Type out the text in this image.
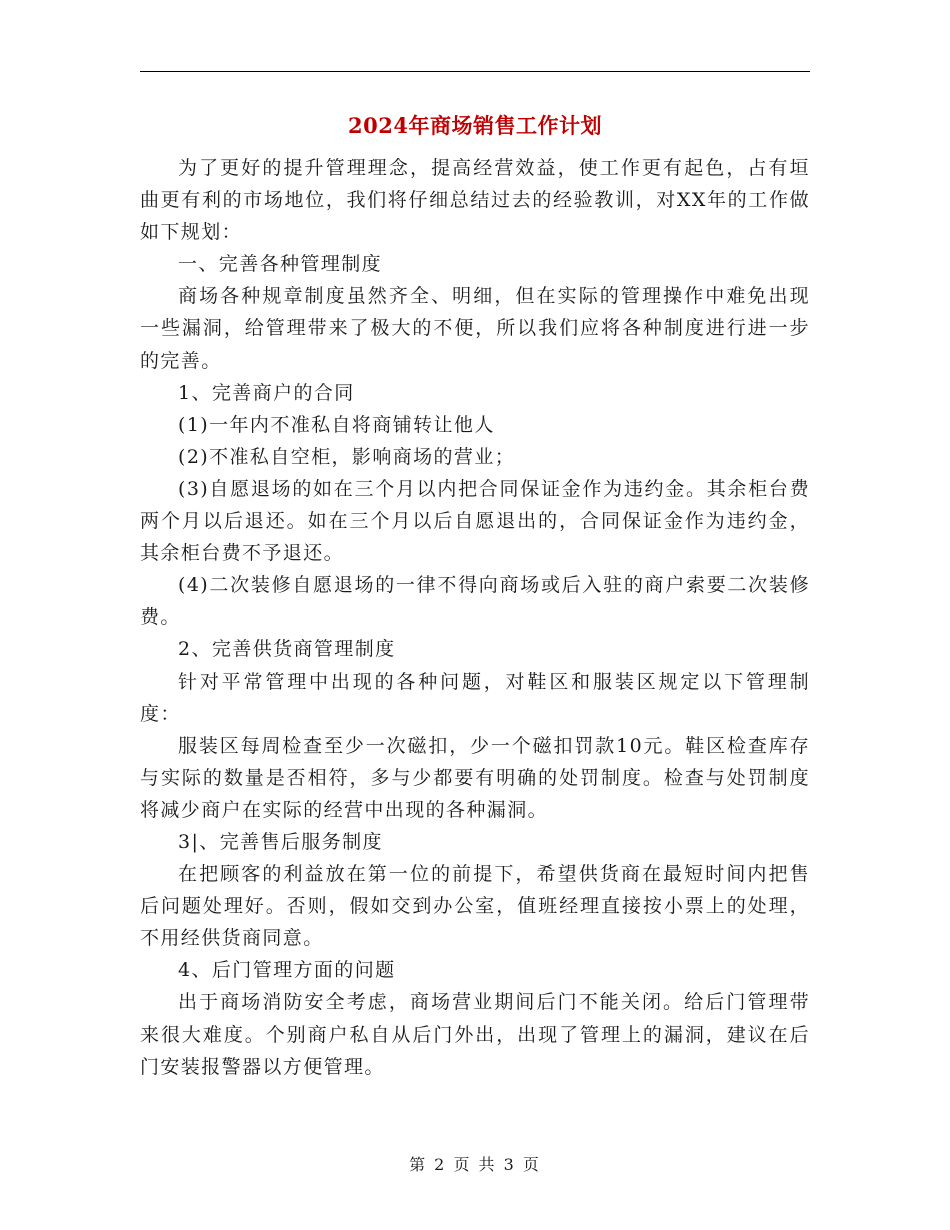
2024年商场销售工作计划

为了更好的提升管理理念，提高经营效益，使工作更有起色，占有垣曲更有利的市场地位，我们将仔细总结过去的经验教训，对XX年的工作做如下规划：

一、完善各种管理制度

商场各种规章制度虽然齐全、明细，但在实际的管理操作中难免出现一些漏洞，给管理带来了极大的不便，所以我们应将各种制度进行进一步的完善。

1、完善商户的合同

(1)一年内不准私自将商铺转让他人

(2)不准私自空柜，影响商场的营业；

(3)自愿退场的如在三个月以内把合同保证金作为违约金。其余柜台费两个月以后退还。如在三个月以后自愿退出的，合同保证金作为违约金，其余柜台费不予退还。

(4)二次装修自愿退场的一律不得向商场或后入驻的商户索要二次装修费。

2、完善供货商管理制度

针对平常管理中出现的各种问题，对鞋区和服装区规定以下管理制度：

服装区每周检查至少一次磁扣，少一个磁扣罚款10元。鞋区检查库存与实际的数量是否相符，多与少都要有明确的处罚制度。检查与处罚制度将减少商户在实际的经营中出现的各种漏洞。

3|、完善售后服务制度

在把顾客的利益放在第一位的前提下，希望供货商在最短时间内把售后问题处理好。否则，假如交到办公室，值班经理直接按小票上的处理，不用经供货商同意。

4、后门管理方面的问题

出于商场消防安全考虑，商场营业期间后门不能关闭。给后门管理带来很大难度。个别商户私自从后门外出，出现了管理上的漏洞，建议在后门安装报警器以方便管理。

第 2 页 共 3 页
